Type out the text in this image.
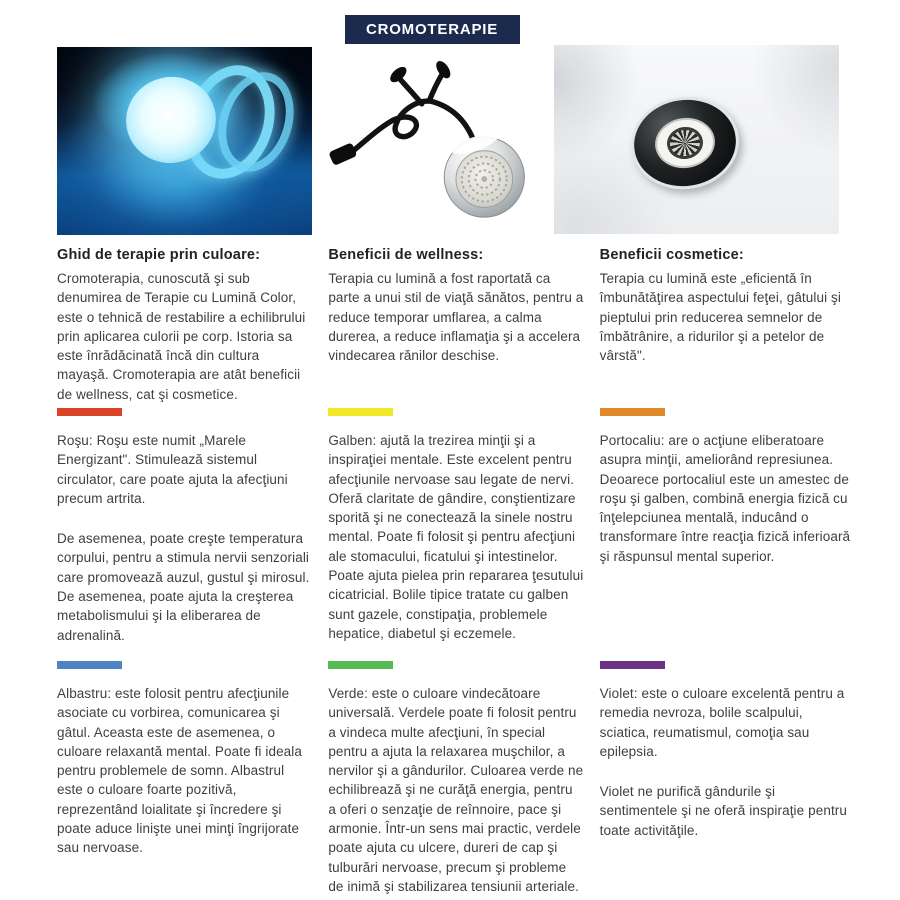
CROMOTERAPIE
Ghid de terapie prin culoare:

Cromoterapia, cunoscută şi sub denumirea de Terapie cu Lumină Color, este o tehnică de restabilire a echilibrului prin aplicarea culorii pe corp. Istoria sa este înrădăcinată încă din cultura mayaşă. Cromoterapia are atât beneficii de wellness, cat şi cosmetice.

Beneficii de wellness:

Terapia cu lumină a fost raportată ca parte a unui stil de viaţă sănătos, pentru a reduce temporar umflarea, a calma durerea, a reduce inflamaţia şi a accelera vindecarea rănilor deschise.

Beneficii cosmetice:

Terapia cu lumină este „eficientă în îmbunătăţirea aspectului feţei, gâtului şi pieptului prin reducerea semnelor de îmbătrânire, a ridurilor şi a petelor de vârstă".

Roşu: Roşu este numit „Marele Energizant". Stimulează sistemul circulator, care poate ajuta la afecţiuni precum artrita.

De asemenea, poate creşte temperatura corpului, pentru a stimula nervii senzoriali care promovează auzul, gustul şi mirosul. De asemenea, poate ajuta la creşterea metabolismului şi la eliberarea de adrenalină.

Galben: ajută la trezirea minţii şi a inspiraţiei mentale. Este excelent pentru afecţiunile nervoase sau legate de nervi. Oferă claritate de gândire, conştientizare sporită şi ne conectează la sinele nostru mental. Poate fi folosit şi pentru afecţiuni ale stomacului, ficatului şi intestinelor. Poate ajuta pielea prin repararea ţesutului cicatricial. Bolile tipice tratate cu galben sunt gazele, constipaţia, problemele hepatice, diabetul şi eczemele.

Portocaliu: are o acţiune eliberatoare asupra minţii, ameliorând represiunea. Deoarece portocaliul este un amestec de roşu şi galben, combină energia fizică cu înţelepciunea mentală, inducând o transformare între reacţia fizică inferioară şi răspunsul mental superior.

Albastru: este folosit pentru afecţiunile asociate cu vorbirea, comunicarea şi gâtul. Aceasta este de asemenea, o culoare relaxantă mental. Poate fi ideala pentru problemele de somn. Albastrul este o culoare foarte pozitivă, reprezentând loialitate şi încredere şi poate aduce linişte unei minţi îngrijorate sau nervoase.

Verde: este o culoare vindecătoare universală. Verdele poate fi folosit pentru a vindeca multe afecţiuni, în special pentru a ajuta la relaxarea muşchilor, a nervilor şi a gândurilor. Culoarea verde ne echilibrează şi ne curăţă energia, pentru a oferi o senzaţie de reînnoire, pace şi armonie. Într-un sens mai practic, verdele poate ajuta cu ulcere, dureri de cap şi tulburări nervoase, precum şi probleme de inimă şi stabilizarea tensiunii arteriale.

Violet: este o culoare excelentă pentru a remedia nevroza, bolile scalpului, sciatica, reumatismul, comoţia sau epilepsia.

Violet ne purifică gândurile şi sentimentele şi ne oferă inspiraţie pentru toate activităţile.
